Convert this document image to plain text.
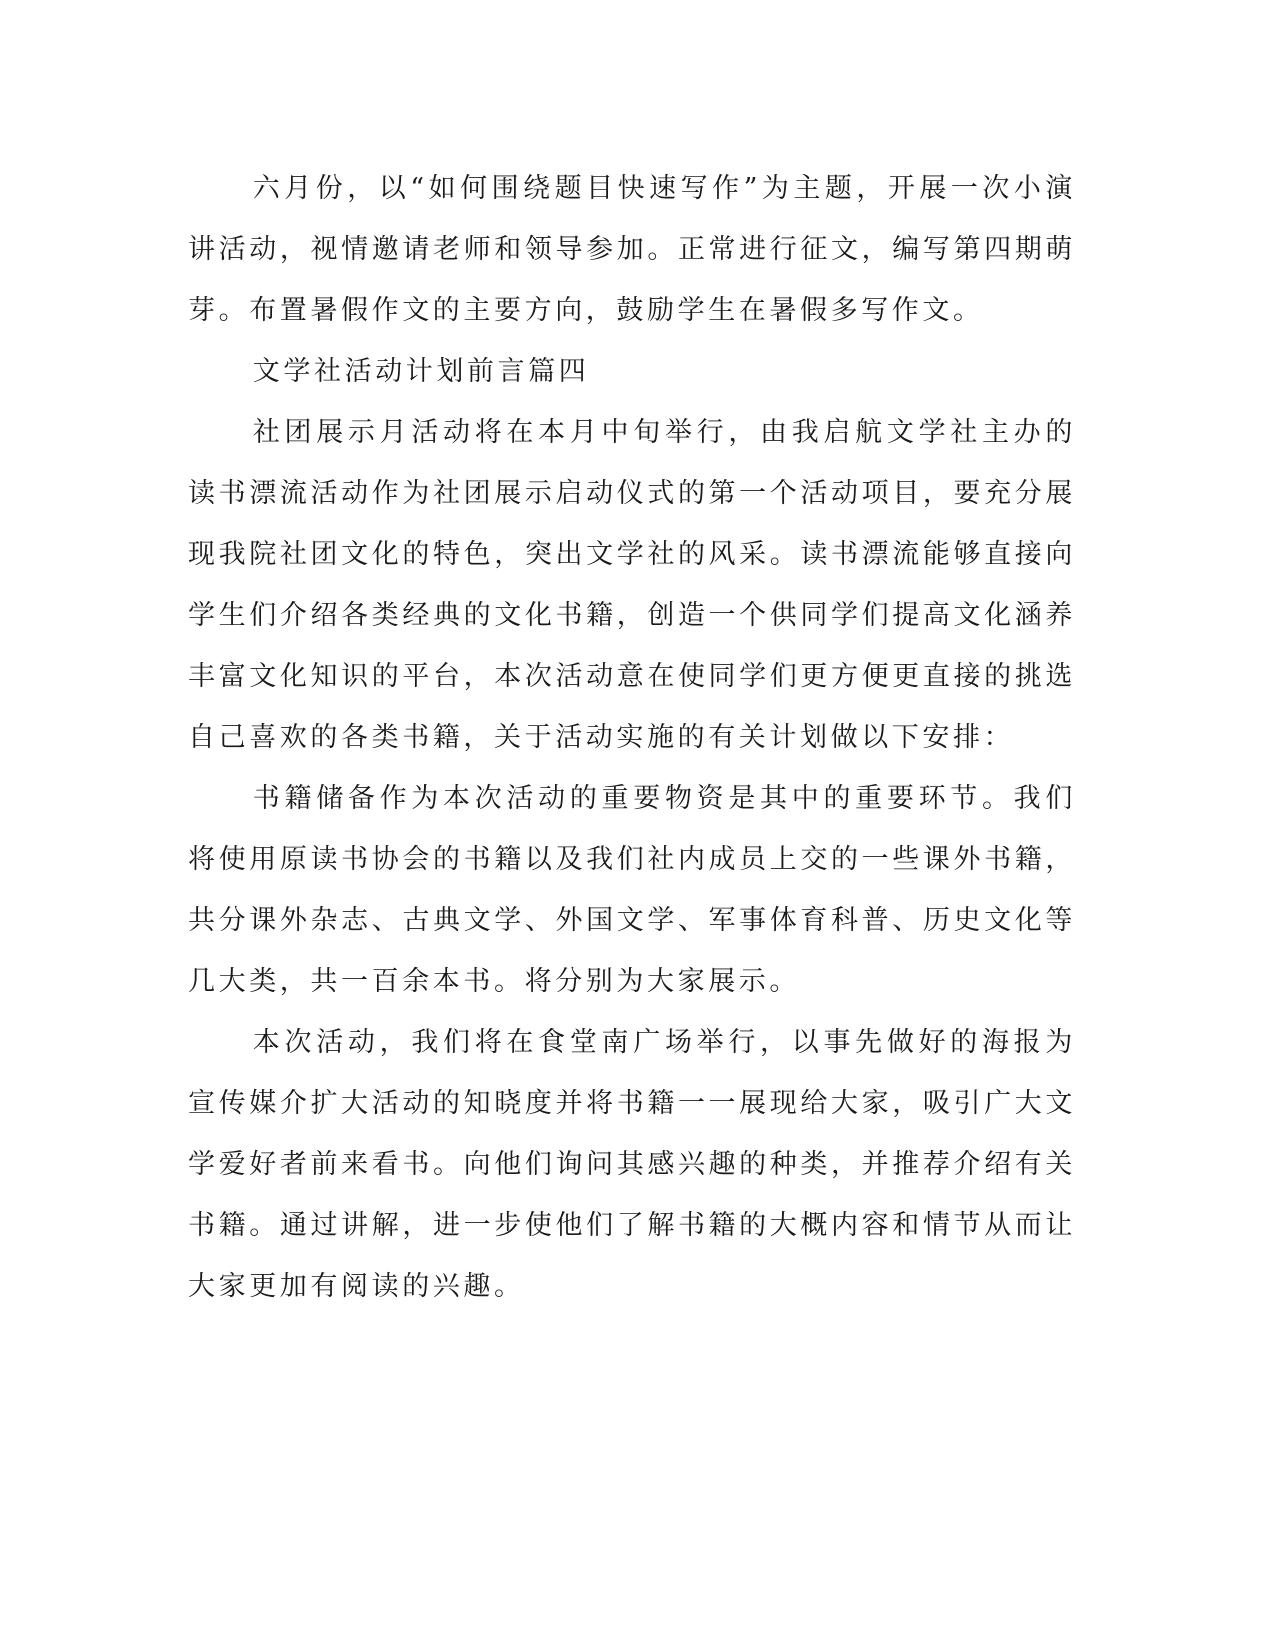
六月份，以“如何围绕题目快速写作”为主题，开展一次小演讲活动，视情邀请老师和领导参加。正常进行征文，编写第四期萌芽。布置暑假作文的主要方向，鼓励学生在暑假多写作文。

文学社活动计划前言篇四

社团展示月活动将在本月中旬举行，由我启航文学社主办的读书漂流活动作为社团展示启动仪式的第一个活动项目，要充分展现我院社团文化的特色，突出文学社的风采。读书漂流能够直接向学生们介绍各类经典的文化书籍，创造一个供同学们提高文化涵养丰富文化知识的平台，本次活动意在使同学们更方便更直接的挑选自己喜欢的各类书籍，关于活动实施的有关计划做以下安排：

书籍储备作为本次活动的重要物资是其中的重要环节。我们将使用原读书协会的书籍以及我们社内成员上交的一些课外书籍，共分课外杂志、古典文学、外国文学、军事体育科普、历史文化等几大类，共一百余本书。将分别为大家展示。

本次活动，我们将在食堂南广场举行，以事先做好的海报为宣传媒介扩大活动的知晓度并将书籍一一展现给大家，吸引广大文学爱好者前来看书。向他们询问其感兴趣的种类，并推荐介绍有关书籍。通过讲解，进一步使他们了解书籍的大概内容和情节从而让大家更加有阅读的兴趣。
